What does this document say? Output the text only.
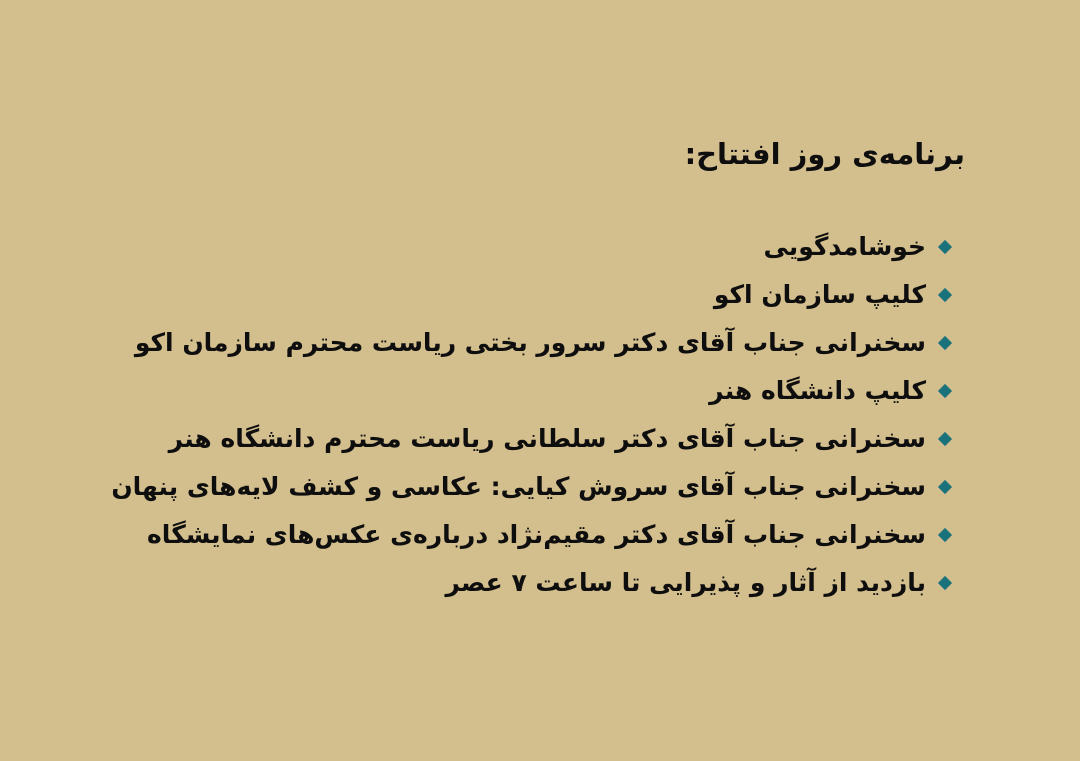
برنامه‌ی روز افتتاح:
خوشامدگویی
کلیپ سازمان اکو
سخنرانی جناب آقای دکتر سرور بختی ریاست محترم سازمان اکو
کلیپ دانشگاه هنر
سخنرانی جناب آقای دکتر سلطانی ریاست محترم دانشگاه هنر
سخنرانی جناب آقای سروش کیایی: عکاسی و کشف لایه‌های پنهان
سخنرانی جناب آقای دکتر مقیم‌نژاد درباره‌ی عکس‌های نمایشگاه
بازدید از آثار و پذیرایی تا ساعت ۷ عصر
